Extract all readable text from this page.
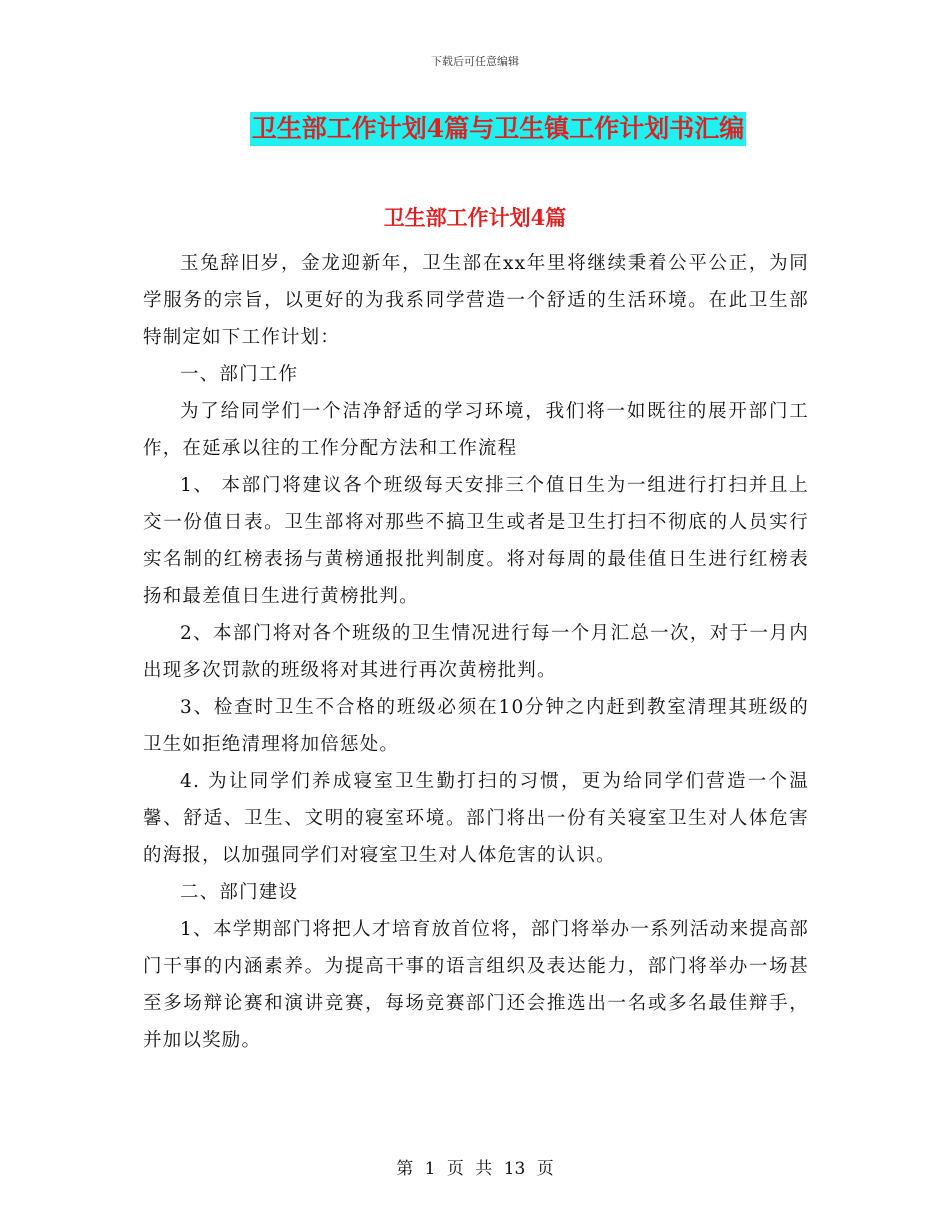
下载后可任意编辑
卫生部工作计划4篇与卫生镇工作计划书汇编
卫生部工作计划4篇

玉兔辞旧岁，金龙迎新年，卫生部在xx年里将继续秉着公平公正，为同学服务的宗旨，以更好的为我系同学营造一个舒适的生活环境。在此卫生部特制定如下工作计划：

一、部门工作

为了给同学们一个洁净舒适的学习环境，我们将一如既往的展开部门工作，在延承以往的工作分配方法和工作流程

1、 本部门将建议各个班级每天安排三个值日生为一组进行打扫并且上交一份值日表。卫生部将对那些不搞卫生或者是卫生打扫不彻底的人员实行实名制的红榜表扬与黄榜通报批判制度。将对每周的最佳值日生进行红榜表扬和最差值日生进行黄榜批判。

2、本部门将对各个班级的卫生情况进行每一个月汇总一次，对于一月内出现多次罚款的班级将对其进行再次黄榜批判。

3、检查时卫生不合格的班级必须在10分钟之内赶到教室清理其班级的卫生如拒绝清理将加倍惩处。

4. 为让同学们养成寝室卫生勤打扫的习惯，更为给同学们营造一个温馨、舒适、卫生、文明的寝室环境。部门将出一份有关寝室卫生对人体危害的海报，以加强同学们对寝室卫生对人体危害的认识。

二、部门建设

1、本学期部门将把人才培育放首位将，部门将举办一系列活动来提高部门干事的内涵素养。为提高干事的语言组织及表达能力，部门将举办一场甚至多场辩论赛和演讲竞赛，每场竞赛部门还会推选出一名或多名最佳辩手，并加以奖励。

第 1 页 共 13 页
